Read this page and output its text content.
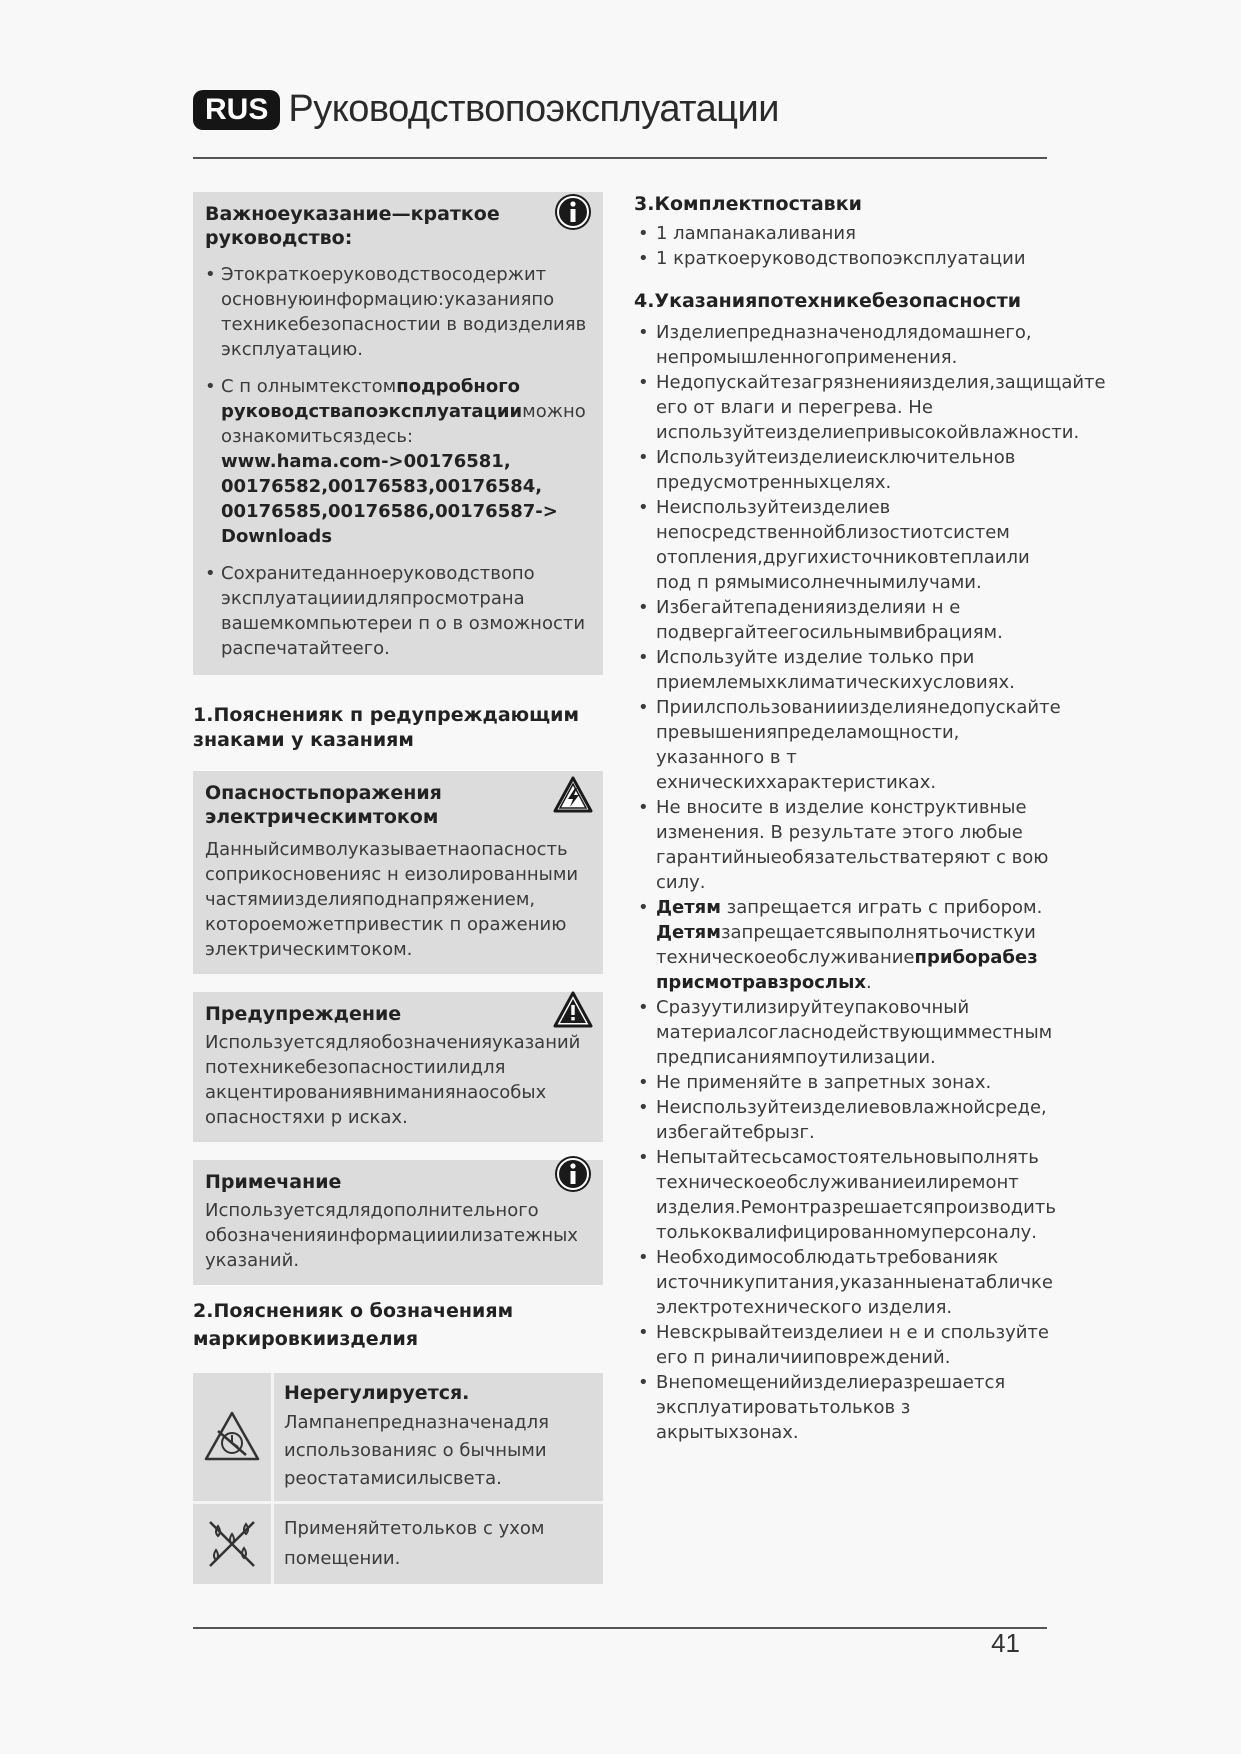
RUS Руководствопоэксплуатации
Важноеуказание—краткое руководство:
• Этократкоеруководствосодержит основнуюинформацию:указанияпо техникебезопасностии в водизделияв эксплуатацию.
• С п олнымтекстомподробного руководствапоэксплуатацииможно ознакомитьсяздесь:
www.hama.com->00176581, 00176582,00176583,00176584, 00176585,00176586,00176587-> Downloads
• Сохранитеданноеруководствопо эксплуатацииидляпросмотрана вашемкомпьютереи п о в озможности распечатайтеего.
1.Поясненияк п редупреждающим знаками у казаниям
Опасностьпоражения электрическимтоком
Данныйсимволуказываетнаопасность соприкосновенияс н еизолированными частямиизделияподнапряжением, котороеможетпривестик п оражению электрическимтоком.
Предупреждение
Используетсядляобозначенияуказаний потехникебезопасностиилидля акцентированиявниманиянаособых опасностяхи р исках.
Примечание
Используетсядлядополнительного обозначенияинформацииилизатежных указаний.
2.Поясненияк о бозначениям маркировкиизделия
Нерегулируется.
Лампанепредназначенадля использованияс о бычными реостатамисилысвета.
Применяйтетольков с ухом помещении.
3.Комплектпоставки
• 1 лампанакаливания
• 1 краткоеруководствопоэксплуатации
4.Указанияпотехникебезопасности
• Изделиепредназначенодлядомашнего, непромышленногоприменения.
• Недопускайтезагрязненияизделия,защищайте его от влаги и перегрева. Не используйтеизделиепривысокойвлажности.
• Используйтеизделиеисключительнов предусмотренныхцелях.
• Неиспользуйтеизделиев непосредственнойблизостиотсистем отопления,другихисточниковтеплаили под п рямымисолнечнымилучами.
• Избегайтепаденияизделияи н е подвергайтеегосильнымвибрациям.
• Используйте изделие только при приемлемыхклиматическихусловиях.
• Приилспользованииизделиянедопускайте превышенияпределамощности, указанного в т ехническиххарактеристиках.
• Не вносите в изделие конструктивные изменения. В результате этого любые гарантийныеобязательстватеряют с вою силу.
• Детям запрещается играть с прибором. Детямзапрещаетсявыполнятьочисткуи техническоеобслуживаниеприборабез присмотравзрослых.
• Сразуутилизируйтеупаковочный материалсогласнодействующимместным предписаниямпоутилизации.
• Не применяйте в запретных зонах.
• Неиспользуйтеизделиевовлажнойсреде, избегайтебрызг.
• Непытайтесьсамостоятельновыполнять техническоеобслуживаниеилиремонт изделия.Ремонтразрешаетсяпроизводить толькоквалифицированномуперсоналу.
• Необходимособлюдатьтребованияк источникупитания,указанныенатабличке электротехнического изделия.
• Невскрывайтеизделиеи н е и спользуйте его п риналичииповреждений.
• Внепомещенийизделиеразрешается эксплуатироватьтольков з акрытыхзонах.
41
